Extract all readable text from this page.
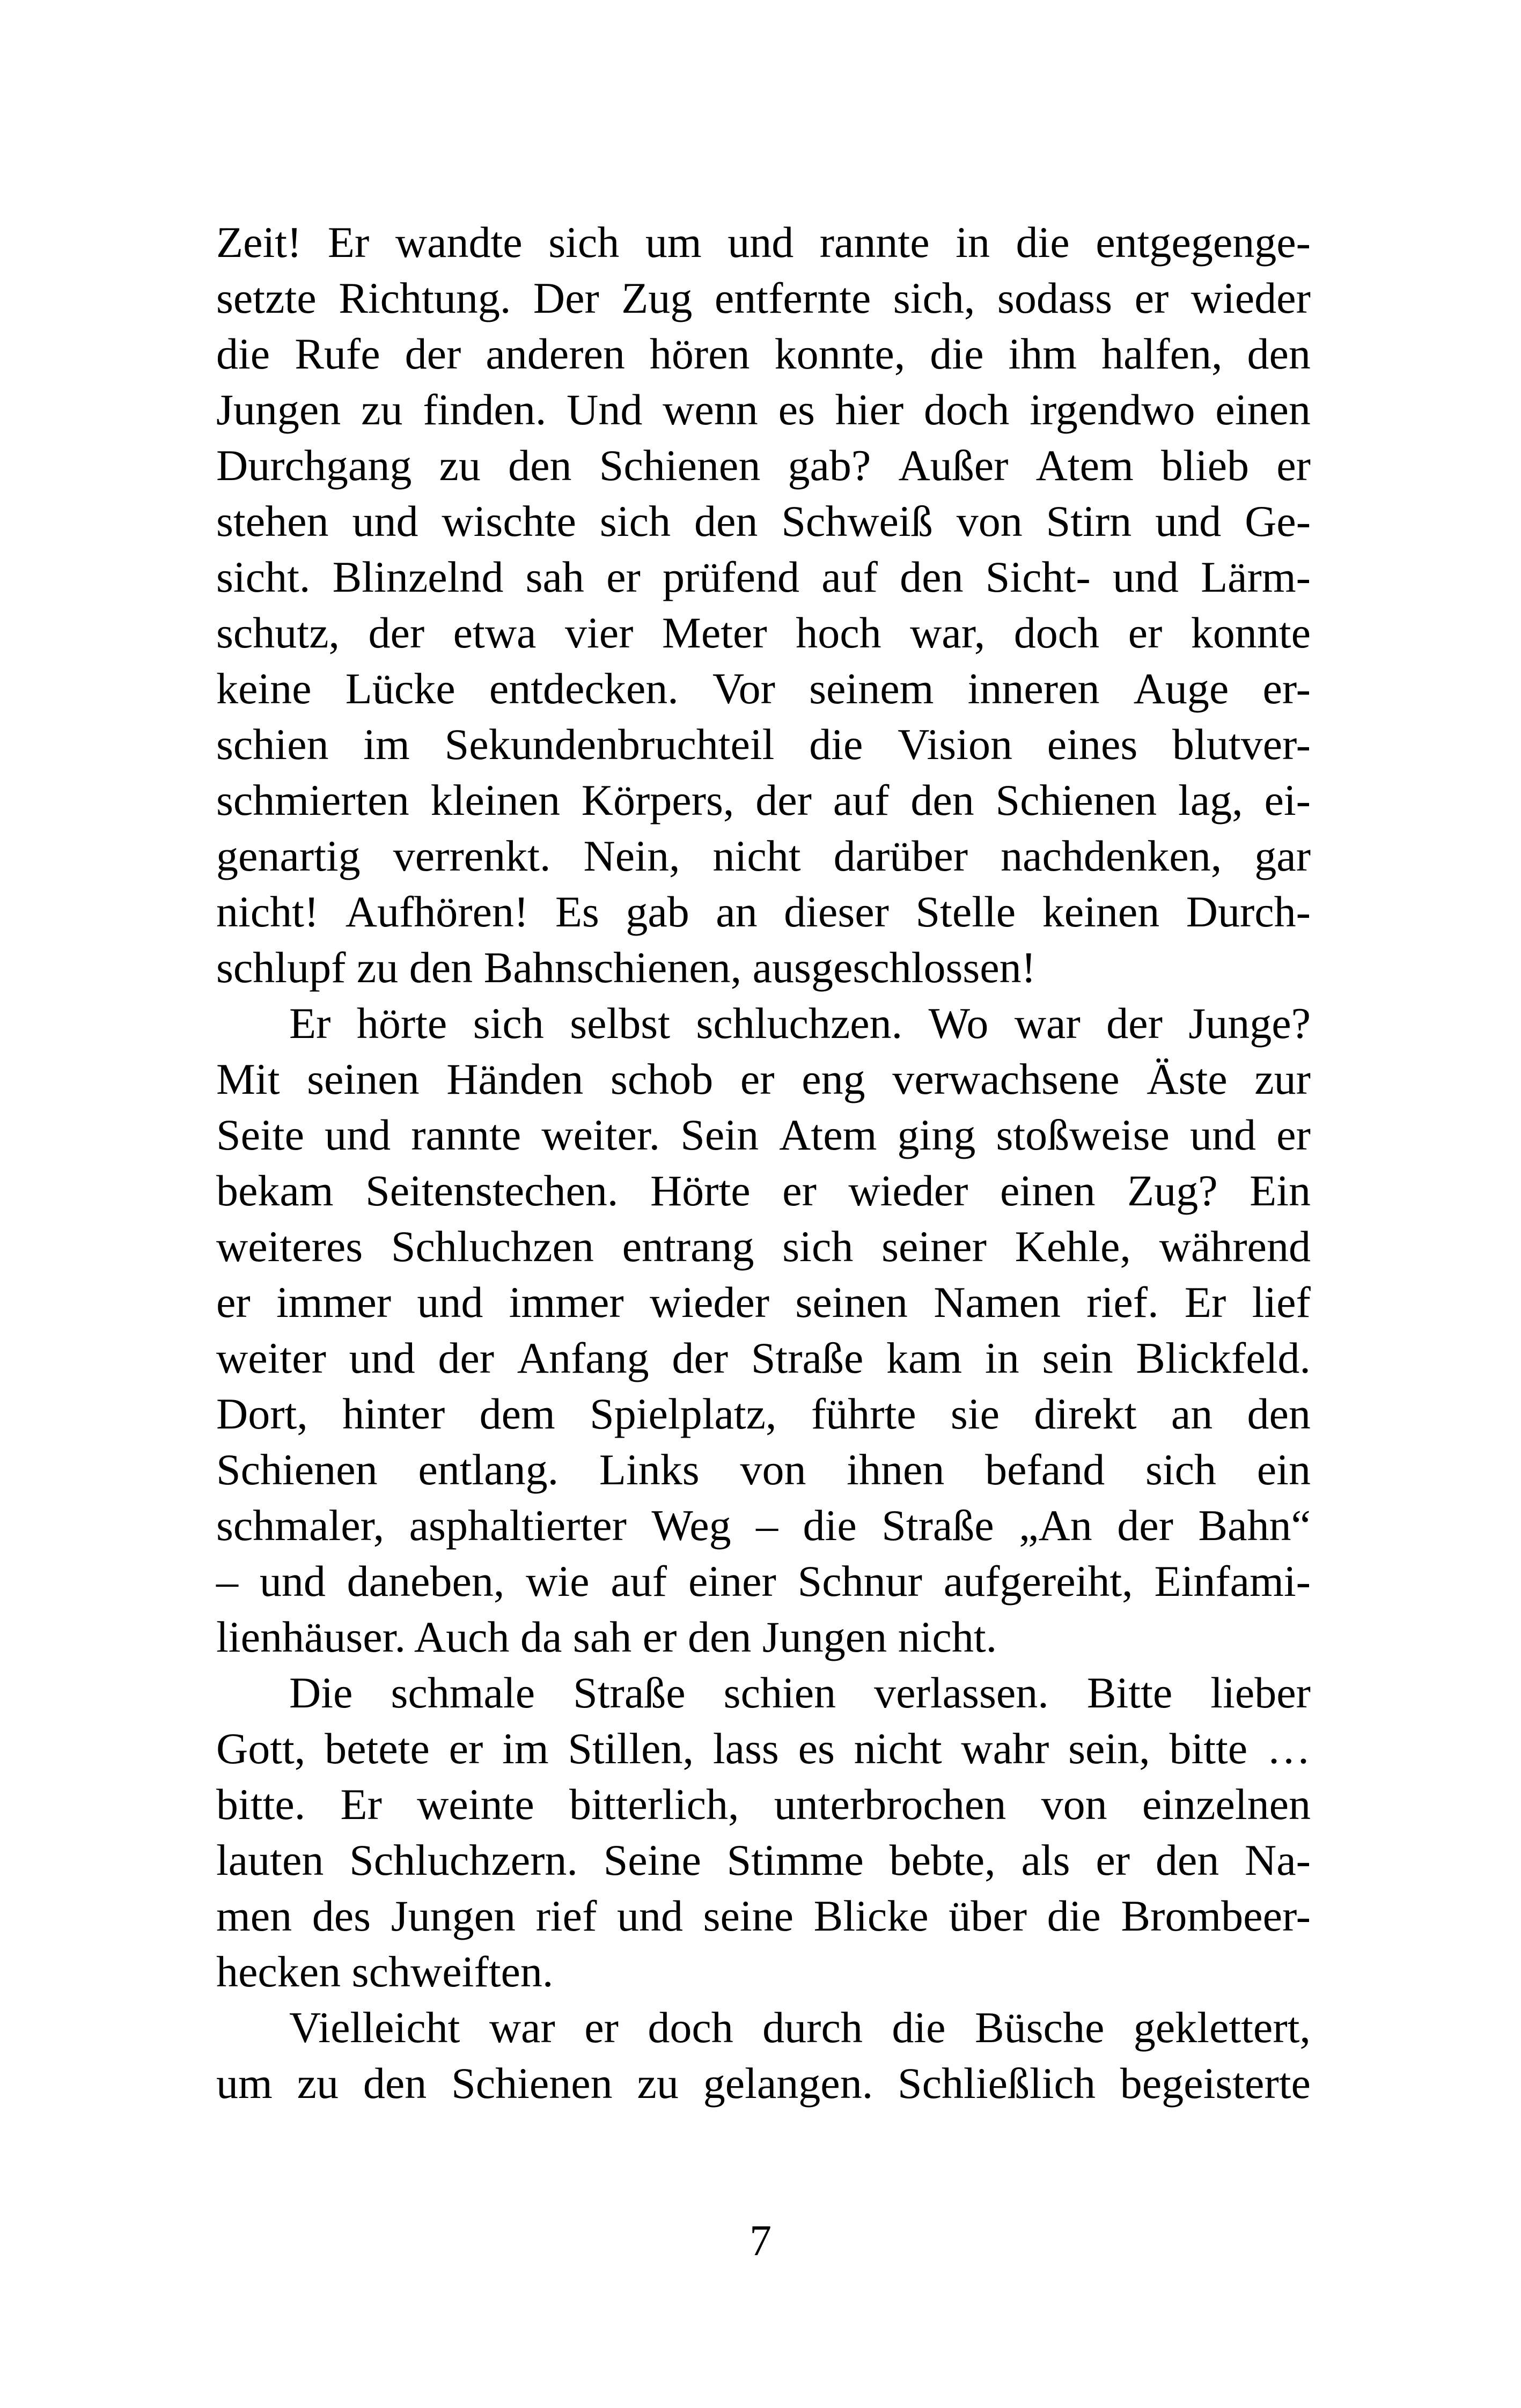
Zeit! Er wandte sich um und rannte in die entgegenge-
setzte Richtung. Der Zug entfernte sich, sodass er wieder
die Rufe der anderen hören konnte, die ihm halfen, den
Jungen zu finden. Und wenn es hier doch irgendwo einen
Durchgang zu den Schienen gab? Außer Atem blieb er
stehen und wischte sich den Schweiß von Stirn und Ge-
sicht. Blinzelnd sah er prüfend auf den Sicht- und Lärm-
schutz, der etwa vier Meter hoch war, doch er konnte
keine Lücke entdecken. Vor seinem inneren Auge er-
schien im Sekundenbruchteil die Vision eines blutver-
schmierten kleinen Körpers, der auf den Schienen lag, ei-
genartig verrenkt. Nein, nicht darüber nachdenken, gar
nicht! Aufhören! Es gab an dieser Stelle keinen Durch-
schlupf zu den Bahnschienen, ausgeschlossen!
Er hörte sich selbst schluchzen. Wo war der Junge?
Mit seinen Händen schob er eng verwachsene Äste zur
Seite und rannte weiter. Sein Atem ging stoßweise und er
bekam Seitenstechen. Hörte er wieder einen Zug? Ein
weiteres Schluchzen entrang sich seiner Kehle, während
er immer und immer wieder seinen Namen rief. Er lief
weiter und der Anfang der Straße kam in sein Blickfeld.
Dort, hinter dem Spielplatz, führte sie direkt an den
Schienen entlang. Links von ihnen befand sich ein
schmaler, asphaltierter Weg – die Straße „An der Bahn“
– und daneben, wie auf einer Schnur aufgereiht, Einfami-
lienhäuser. Auch da sah er den Jungen nicht.
Die schmale Straße schien verlassen. Bitte lieber
Gott, betete er im Stillen, lass es nicht wahr sein, bitte …
bitte. Er weinte bitterlich, unterbrochen von einzelnen
lauten Schluchzern. Seine Stimme bebte, als er den Na-
men des Jungen rief und seine Blicke über die Brombeer-
hecken schweiften.
Vielleicht war er doch durch die Büsche geklettert,
um zu den Schienen zu gelangen. Schließlich begeisterte
7
